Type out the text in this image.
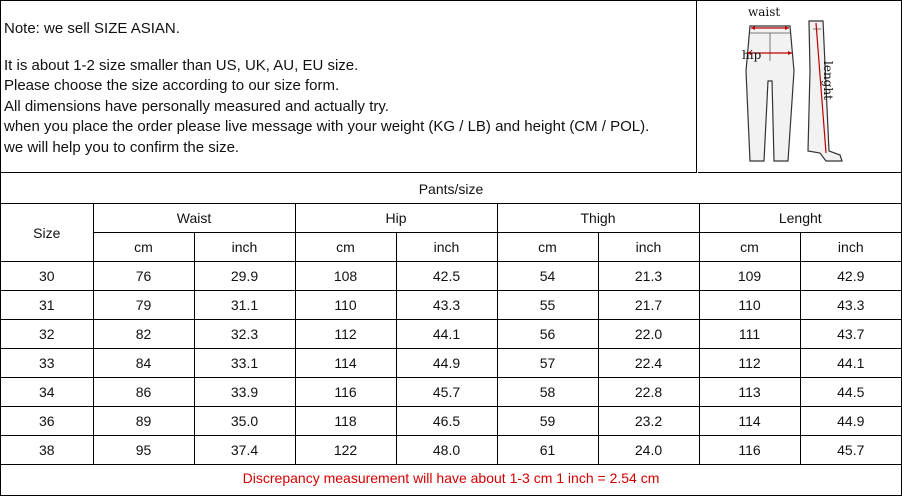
Note: we sell SIZE ASIAN.
It is about 1-2 size smaller than US, UK, AU, EU size.
Please choose the size according to our size form.
All dimensions have personally measured and actually try.
when you place the order please live message with your weight (KG / LB) and height (CM / POL).
we will help you to confirm the size.
waist
hip
lenght
Pants/size								
Size	Waist		Hip		Thigh		Lenght	
	cm	inch	cm	inch	cm	inch	cm	inch
30	76	29.9	108	42.5	54	21.3	109	42.9
31	79	31.1	110	43.3	55	21.7	110	43.3
32	82	32.3	112	44.1	56	22.0	111	43.7
33	84	33.1	114	44.9	57	22.4	112	44.1
34	86	33.9	116	45.7	58	22.8	113	44.5
36	89	35.0	118	46.5	59	23.2	114	44.9
38	95	37.4	122	48.0	61	24.0	116	45.7
Discrepancy measurement will have about 1-3 cm 1 inch = 2.54 cm								
